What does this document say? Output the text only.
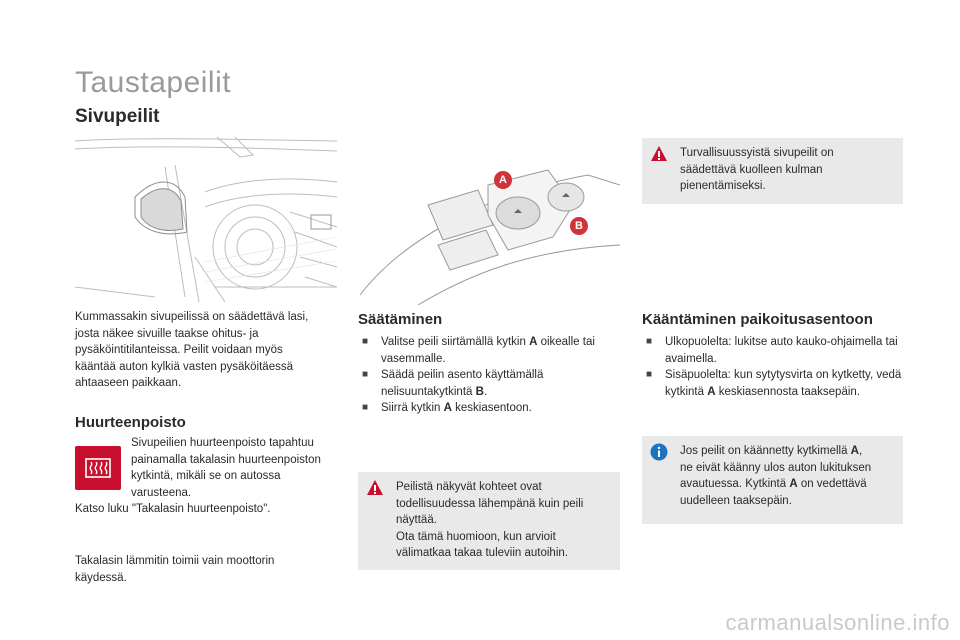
Taustapeilit
Sivupeilit
A
B
Turvallisuussyistä sivupeilit on
säädettävä kuolleen kulman
pienentämiseksi.
Kummassakin sivupeilissä on säädettävä lasi, josta näkee sivuille taakse ohitus- ja pysäköintitilanteissa. Peilit voidaan myös kääntää auton kylkiä vasten pysäköitäessä ahtaaseen paikkaan.
Huurteenpoisto
Sivupeilien huurteenpoisto tapahtuu
painamalla takalasin huurteenpoiston
kytkintä, mikäli se on autossa
varusteena.
Katso luku "Takalasin huurteenpoisto".
Takalasin lämmitin toimii vain moottorin
käydessä.
Säätäminen
■ Valitse peili siirtämällä kytkin A oikealle tai vasemmalle.
■ Säädä peilin asento käyttämällä nelisuuntakytkintä B.
■ Siirrä kytkin A keskiasentoon.
Peilistä näkyvät kohteet ovat
todellisuudessa lähempänä kuin peili
näyttää.
Ota tämä huomioon, kun arvioit
välimatkaa takaa tuleviin autoihin.
Kääntäminen paikoitusasentoon
■ Ulkopuolelta: lukitse auto kauko-ohjaimella tai avaimella.
■ Sisäpuolelta: kun sytytysvirta on kytketty, vedä kytkintä A keskiasennosta taaksepäin.
Jos peilit on käännetty kytkimellä A,
ne eivät käänny ulos auton lukituksen
avautuessa. Kytkintä A on vedettävä
uudelleen taaksepäin.
carmanualsonline.info
